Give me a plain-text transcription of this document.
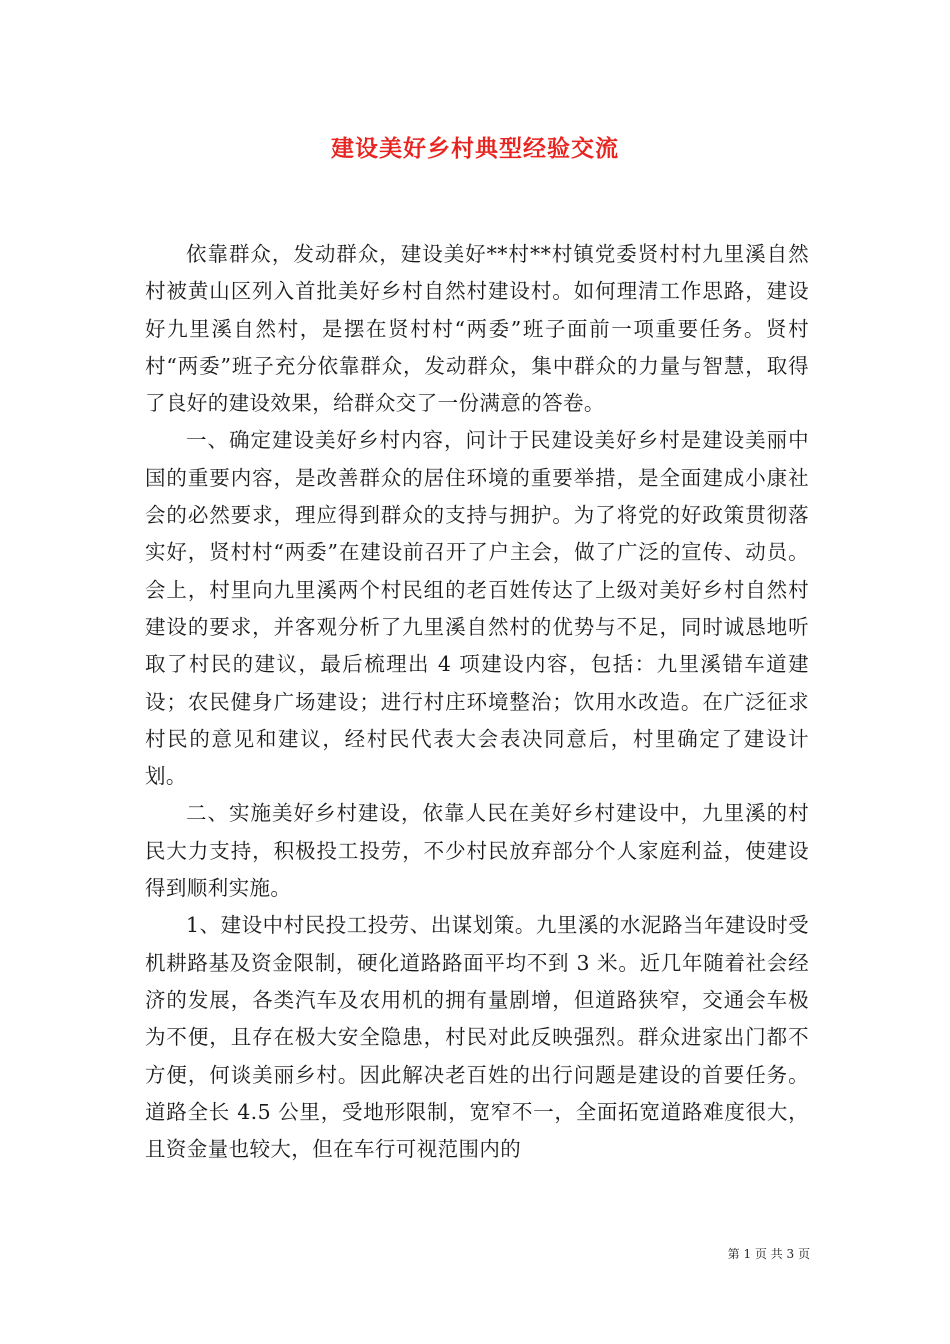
建设美好乡村典型经验交流

依靠群众，发动群众，建设美好**村**村镇党委贤村村九里溪自然村被黄山区列入首批美好乡村自然村建设村。如何理清工作思路，建设好九里溪自然村，是摆在贤村村“两委”班子面前一项重要任务。贤村村“两委”班子充分依靠群众，发动群众，集中群众的力量与智慧，取得了良好的建设效果，给群众交了一份满意的答卷。

一、确定建设美好乡村内容，问计于民建设美好乡村是建设美丽中国的重要内容，是改善群众的居住环境的重要举措，是全面建成小康社会的必然要求，理应得到群众的支持与拥护。为了将党的好政策贯彻落实好，贤村村“两委”在建设前召开了户主会，做了广泛的宣传、动员。会上，村里向九里溪两个村民组的老百姓传达了上级对美好乡村自然村建设的要求，并客观分析了九里溪自然村的优势与不足，同时诚恳地听取了村民的建议，最后梳理出 4 项建设内容，包括：九里溪错车道建设；农民健身广场建设；进行村庄环境整治；饮用水改造。在广泛征求村民的意见和建议，经村民代表大会表决同意后，村里确定了建设计划。

二、实施美好乡村建设，依靠人民在美好乡村建设中，九里溪的村民大力支持，积极投工投劳，不少村民放弃部分个人家庭利益，使建设得到顺利实施。

1、建设中村民投工投劳、出谋划策。九里溪的水泥路当年建设时受机耕路基及资金限制，硬化道路路面平均不到 3 米。近几年随着社会经济的发展，各类汽车及农用机的拥有量剧增，但道路狭窄，交通会车极为不便，且存在极大安全隐患，村民对此反映强烈。群众进家出门都不方便，何谈美丽乡村。因此解决老百姓的出行问题是建设的首要任务。道路全长 4.5 公里，受地形限制，宽窄不一，全面拓宽道路难度很大，且资金量也较大，但在车行可视范围内的

第 1 页 共 3 页
